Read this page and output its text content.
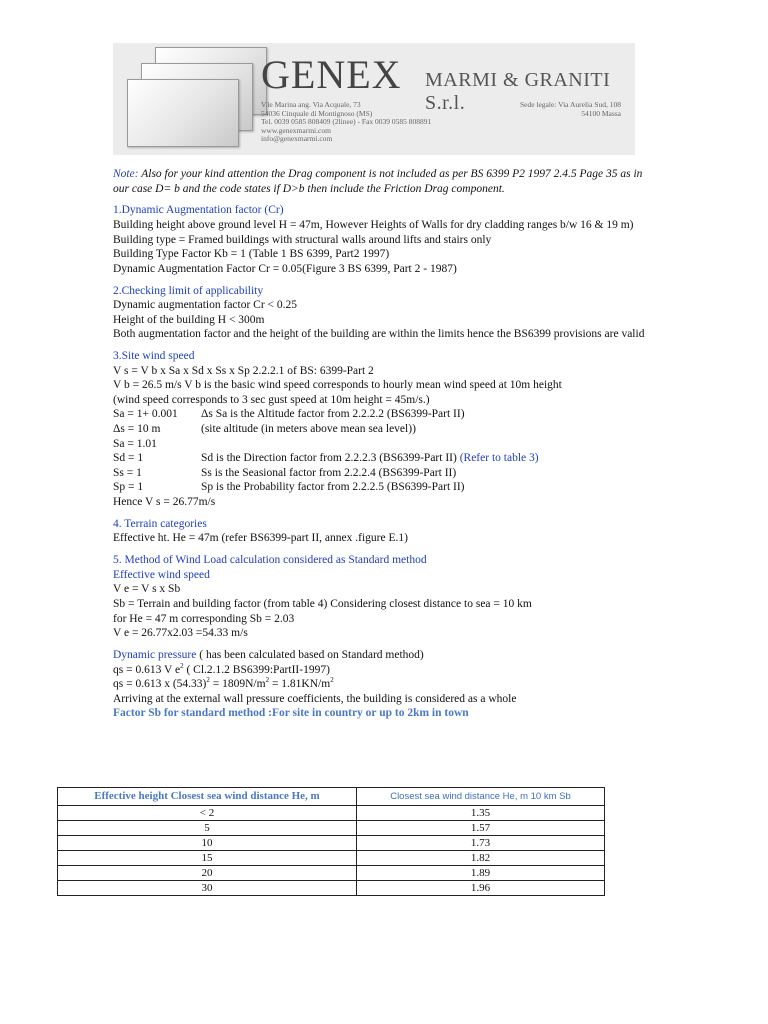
GENEX MARMI & GRANITI S.r.l.
V.le Marina ang. Via Acquale, 73
54036 Cinquale di Montignoso (MS)
Tel. 0039 0585 808409 (2linee) - Fax 0039 0585 808891
www.genexmarmi.com
info@genexmarmi.com
Sede legale: Via Aurelia Sud, 108
54100 Massa
Note: Also for your kind attention the Drag component is not included as per BS 6399 P2 1997 2.4.5 Page 35 as in our case D= b and the code states if D>b then include the Friction Drag component.
1.Dynamic Augmentation factor (Cr)
Building height above ground level H = 47m, However Heights of Walls for dry cladding ranges b/w 16 & 19 m)
Building type = Framed buildings with structural walls around lifts and stairs only
Building Type Factor Kb = 1 (Table 1 BS 6399, Part2 1997)
Dynamic Augmentation Factor Cr = 0.05(Figure 3 BS 6399, Part 2 - 1987)
2.Checking limit of applicability
Dynamic augmentation factor Cr < 0.25
Height of the building H < 300m
Both augmentation factor and the height of the building are within the limits hence the BS6399 provisions are valid
3.Site wind speed
V s = V b x Sa x Sd x Ss x Sp 2.2.2.1 of BS: 6399-Part 2
V b = 26.5 m/s V b is the basic wind speed corresponds to hourly mean wind speed at 10m height
(wind speed corresponds to 3 sec gust speed at 10m height = 45m/s.)
Sa = 1+ 0.001 Δs Sa is the Altitude factor from 2.2.2.2 (BS6399-Part II)
Δs = 10 m	(site altitude (in meters above mean sea level))
Sa = 1.01
Sd = 1	Sd is the Direction factor from 2.2.2.3 (BS6399-Part II) (Refer to table 3)
Ss = 1	Ss is the Seasional factor from 2.2.2.4 (BS6399-Part II)
Sp = 1	Sp is the Probability factor from 2.2.2.5 (BS6399-Part II)
Hence V s = 26.77m/s
4. Terrain categories
Effective ht. He = 47m (refer BS6399-part II, annex .figure E.1)
5. Method of Wind Load calculation considered as Standard method
Effective wind speed
V e = V s x Sb
Sb = Terrain and building factor (from table 4) Considering closest distance to sea = 10 km
for He = 47 m corresponding Sb = 2.03
V e = 26.77x2.03 =54.33 m/s
Dynamic pressure ( has been calculated based on Standard method)
qs = 0.613 V $e^2$ ( Cl.2.1.2 BS6399:PartII-1997)
qs = 0.613 x $(54.33)^2 = 1809N/m^2 = 1.81KN/m^2$
Arriving at the external wall pressure coefficients, the building is considered as a whole
Factor Sb for standard method :For site in country or up to 2km in town
Effective height Closest sea wind distance He, m	Closest sea wind distance He, m 10 km Sb
< 2	1.35
5	1.57
10	1.73
15	1.82
20	1.89
30	1.96
